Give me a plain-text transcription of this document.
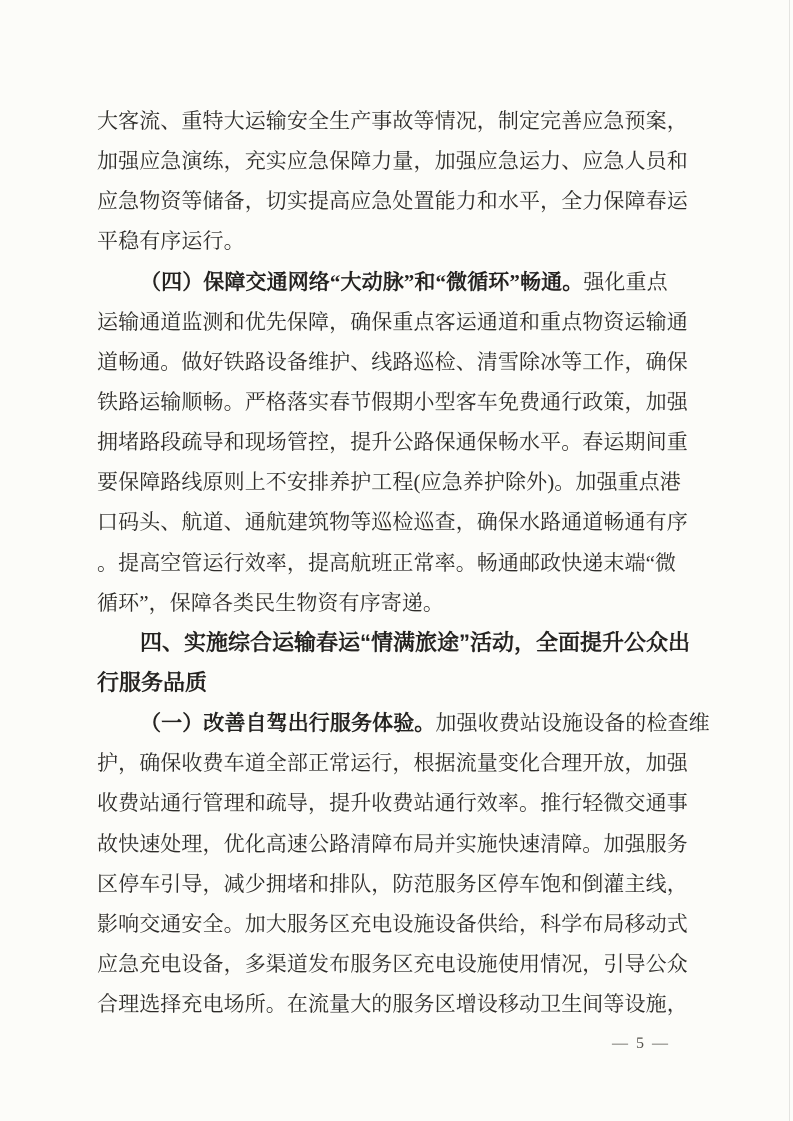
大客流、重特大运输安全生产事故等情况，制定完善应急预案，
加强应急演练，充实应急保障力量，加强应急运力、应急人员和
应急物资等储备，切实提高应急处置能力和水平，全力保障春运
平稳有序运行。
（四）保障交通网络“大动脉”和“微循环”畅通。强化重点
运输通道监测和优先保障，确保重点客运通道和重点物资运输通
道畅通。做好铁路设备维护、线路巡检、清雪除冰等工作，确保
铁路运输顺畅。严格落实春节假期小型客车免费通行政策，加强
拥堵路段疏导和现场管控，提升公路保通保畅水平。春运期间重
要保障路线原则上不安排养护工程(应急养护除外)。加强重点港
口码头、航道、通航建筑物等巡检巡查，确保水路通道畅通有序
。提高空管运行效率，提高航班正常率。畅通邮政快递末端“微
循环”，保障各类民生物资有序寄递。
四、实施综合运输春运“情满旅途”活动，全面提升公众出
行服务品质
（一）改善自驾出行服务体验。加强收费站设施设备的检查维
护，确保收费车道全部正常运行，根据流量变化合理开放，加强
收费站通行管理和疏导，提升收费站通行效率。推行轻微交通事
故快速处理，优化高速公路清障布局并实施快速清障。加强服务
区停车引导，减少拥堵和排队，防范服务区停车饱和倒灌主线，
影响交通安全。加大服务区充电设施设备供给，科学布局移动式
应急充电设备，多渠道发布服务区充电设施使用情况，引导公众
合理选择充电场所。在流量大的服务区增设移动卫生间等设施，
— 5 —
